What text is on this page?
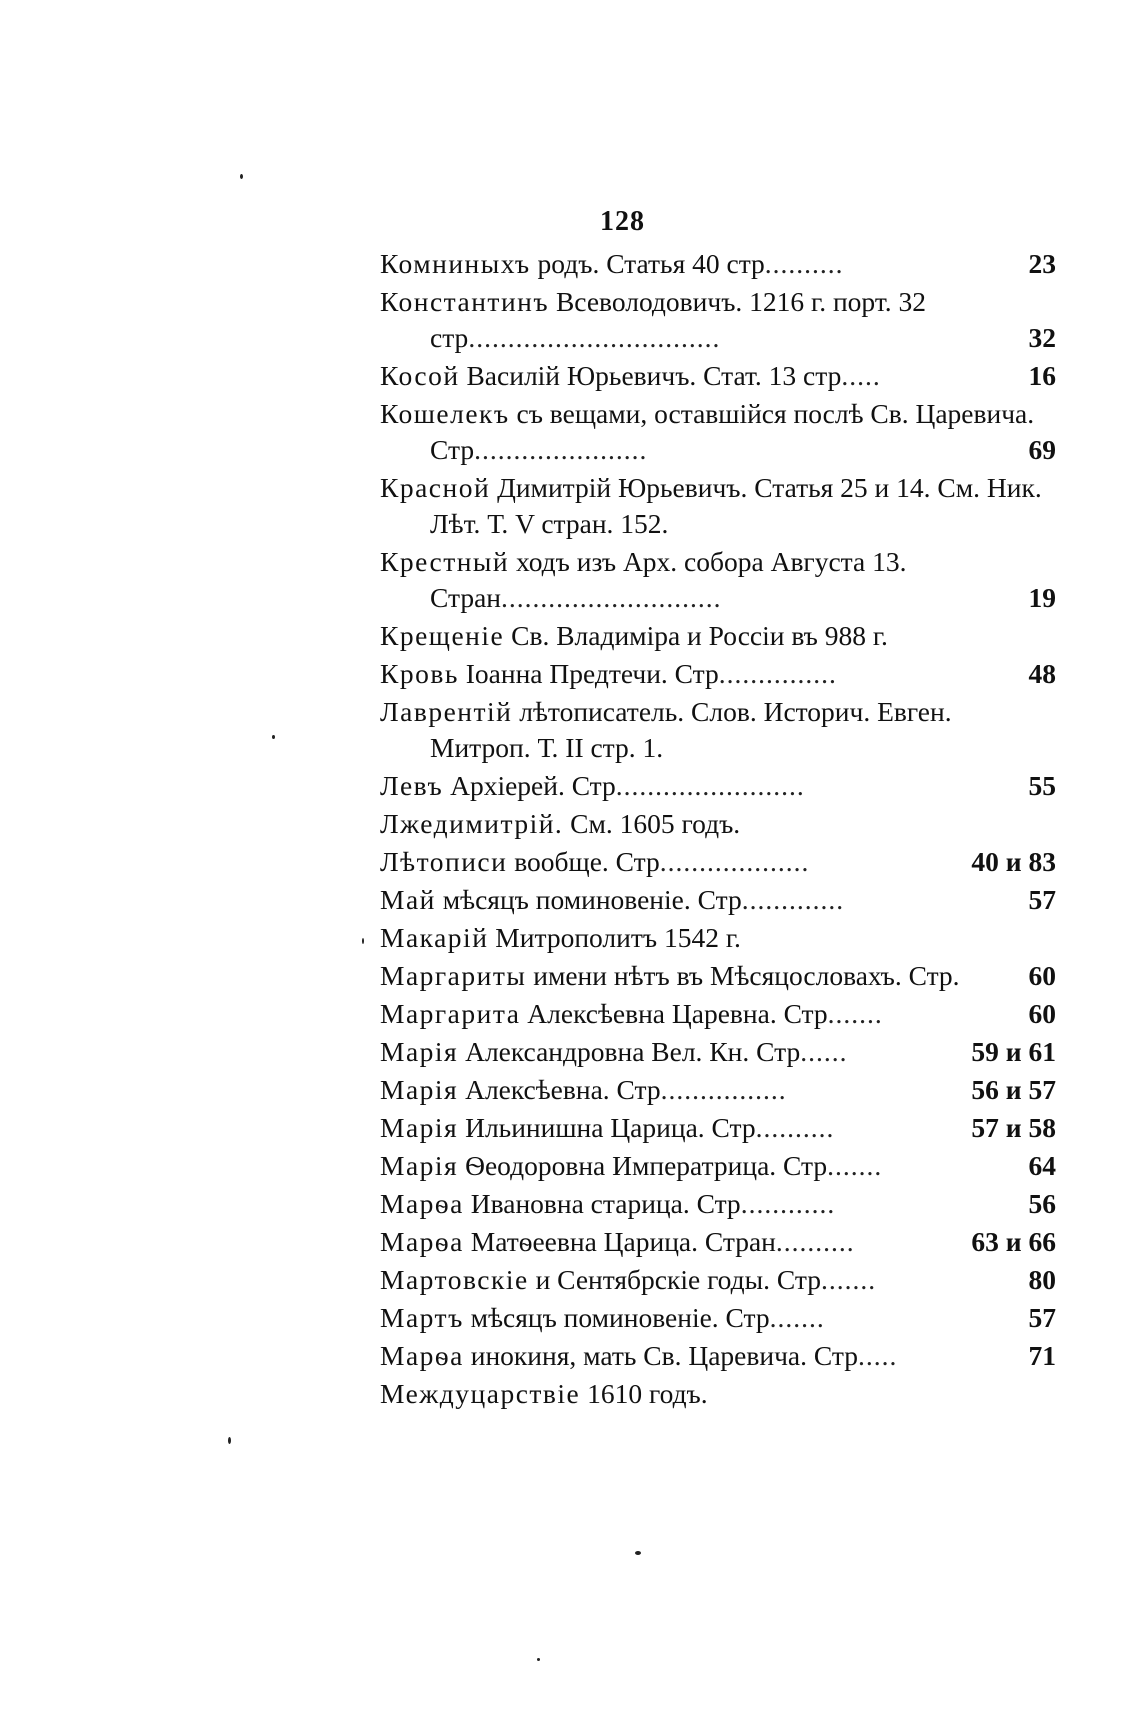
128
Комниныхъ родъ. Статья 40 стр..........	23
Константинъ Всеволодовичъ. 1216 г. порт. 32 стр................................	32
Косой Василій Юрьевичъ. Стат. 13 стр.....	16
Кошелекъ съ вещами, оставшійся послѣ Св. Царевича. Стр......................	69
Красной Димитрій Юрьевичъ. Статья 25 и 14. См. Ник. Лѣт. Т. V стран. 152.
Крестный ходъ изъ Арх. собора Августа 13. Стран............................	19
Крещеніе Св. Владиміра и Россіи въ 988 г.
Кровь Іоанна Предтечи. Стр...............	48
Лаврентій лѣтописатель. Слов. Историч. Евген. Митроп. Т. II стр. 1.
Левъ Архіерей. Стр........................	55
Лжедимитрій. См. 1605 годъ.
Лѣтописи вообще. Стр...................	40 и 83
Май мѣсяцъ поминовеніе. Стр.............	57
Макарій Митрополитъ 1542 г.
Маргариты имени нѣтъ въ Мѣсяцословахъ. Стр.	60
Маргарита Алексѣевна Царевна. Стр.......	60
Марія Александровна Вел. Кн. Стр......	59 и 61
Марія Алексѣевна. Стр................	56 и 57
Марія Ильинишна Царица. Стр..........	57 и 58
Марія Ѳеодоровна Императрица. Стр.......	64
Марѳа Ивановна старица. Стр............	56
Марѳа Матѳеевна Царица. Стран..........	63 и 66
Мартовскіе и Сентябрскіе годы. Стр.......	80
Мартъ мѣсяцъ поминовеніе. Стр.......	57
Марѳа инокиня, мать Св. Царевича. Стр.....	71
Междуцарствіе 1610 годъ.
